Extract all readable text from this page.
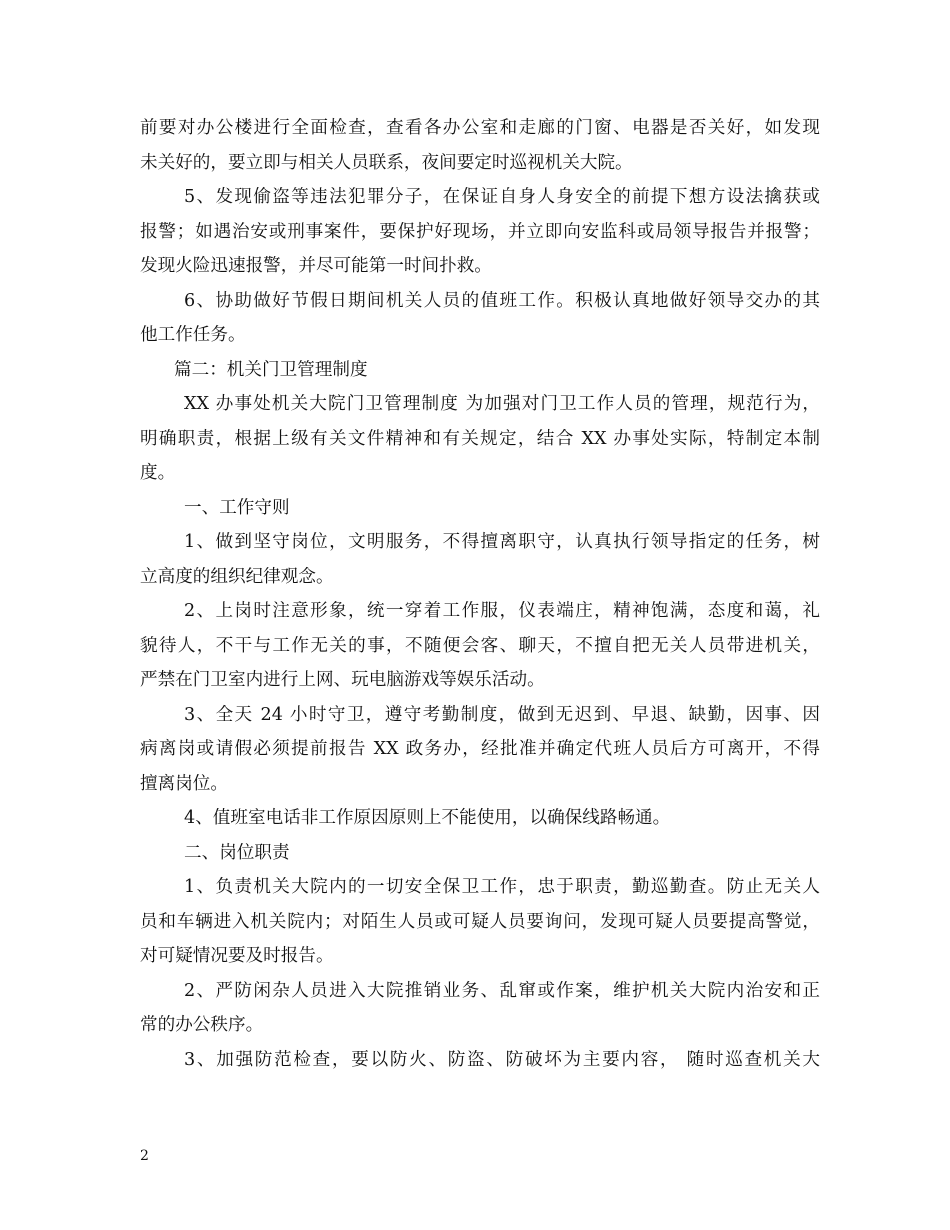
前要对办公楼进行全面检查，查看各办公室和走廊的门窗、电器是否关好，如发现
未关好的，要立即与相关人员联系，夜间要定时巡视机关大院。
5、发现偷盗等违法犯罪分子，在保证自身人身安全的前提下想方设法擒获或
报警；如遇治安或刑事案件，要保护好现场，并立即向安监科或局领导报告并报警；
发现火险迅速报警，并尽可能第一时间扑救。
6、协助做好节假日期间机关人员的值班工作。积极认真地做好领导交办的其
他工作任务。
篇二：机关门卫管理制度
XX 办事处机关大院门卫管理制度 为加强对门卫工作人员的管理，规范行为，
明确职责，根据上级有关文件精神和有关规定，结合 XX 办事处实际，特制定本制
度。
一、工作守则
1、做到坚守岗位，文明服务，不得擅离职守，认真执行领导指定的任务，树
立高度的组织纪律观念。
2、上岗时注意形象，统一穿着工作服，仪表端庄，精神饱满，态度和蔼，礼
貌待人，不干与工作无关的事，不随便会客、聊天，不擅自把无关人员带进机关，
严禁在门卫室内进行上网、玩电脑游戏等娱乐活动。
3、全天 24 小时守卫，遵守考勤制度，做到无迟到、早退、缺勤，因事、因
病离岗或请假必须提前报告 XX 政务办，经批准并确定代班人员后方可离开，不得
擅离岗位。
4、值班室电话非工作原因原则上不能使用，以确保线路畅通。
二、岗位职责
1、负责机关大院内的一切安全保卫工作，忠于职责，勤巡勤查。防止无关人
员和车辆进入机关院内；对陌生人员或可疑人员要询问，发现可疑人员要提高警觉，
对可疑情况要及时报告。
2、严防闲杂人员进入大院推销业务、乱窜或作案，维护机关大院内治安和正
常的办公秩序。
3、加强防范检查，要以防火、防盗、防破坏为主要内容， 随时巡查机关大
2
